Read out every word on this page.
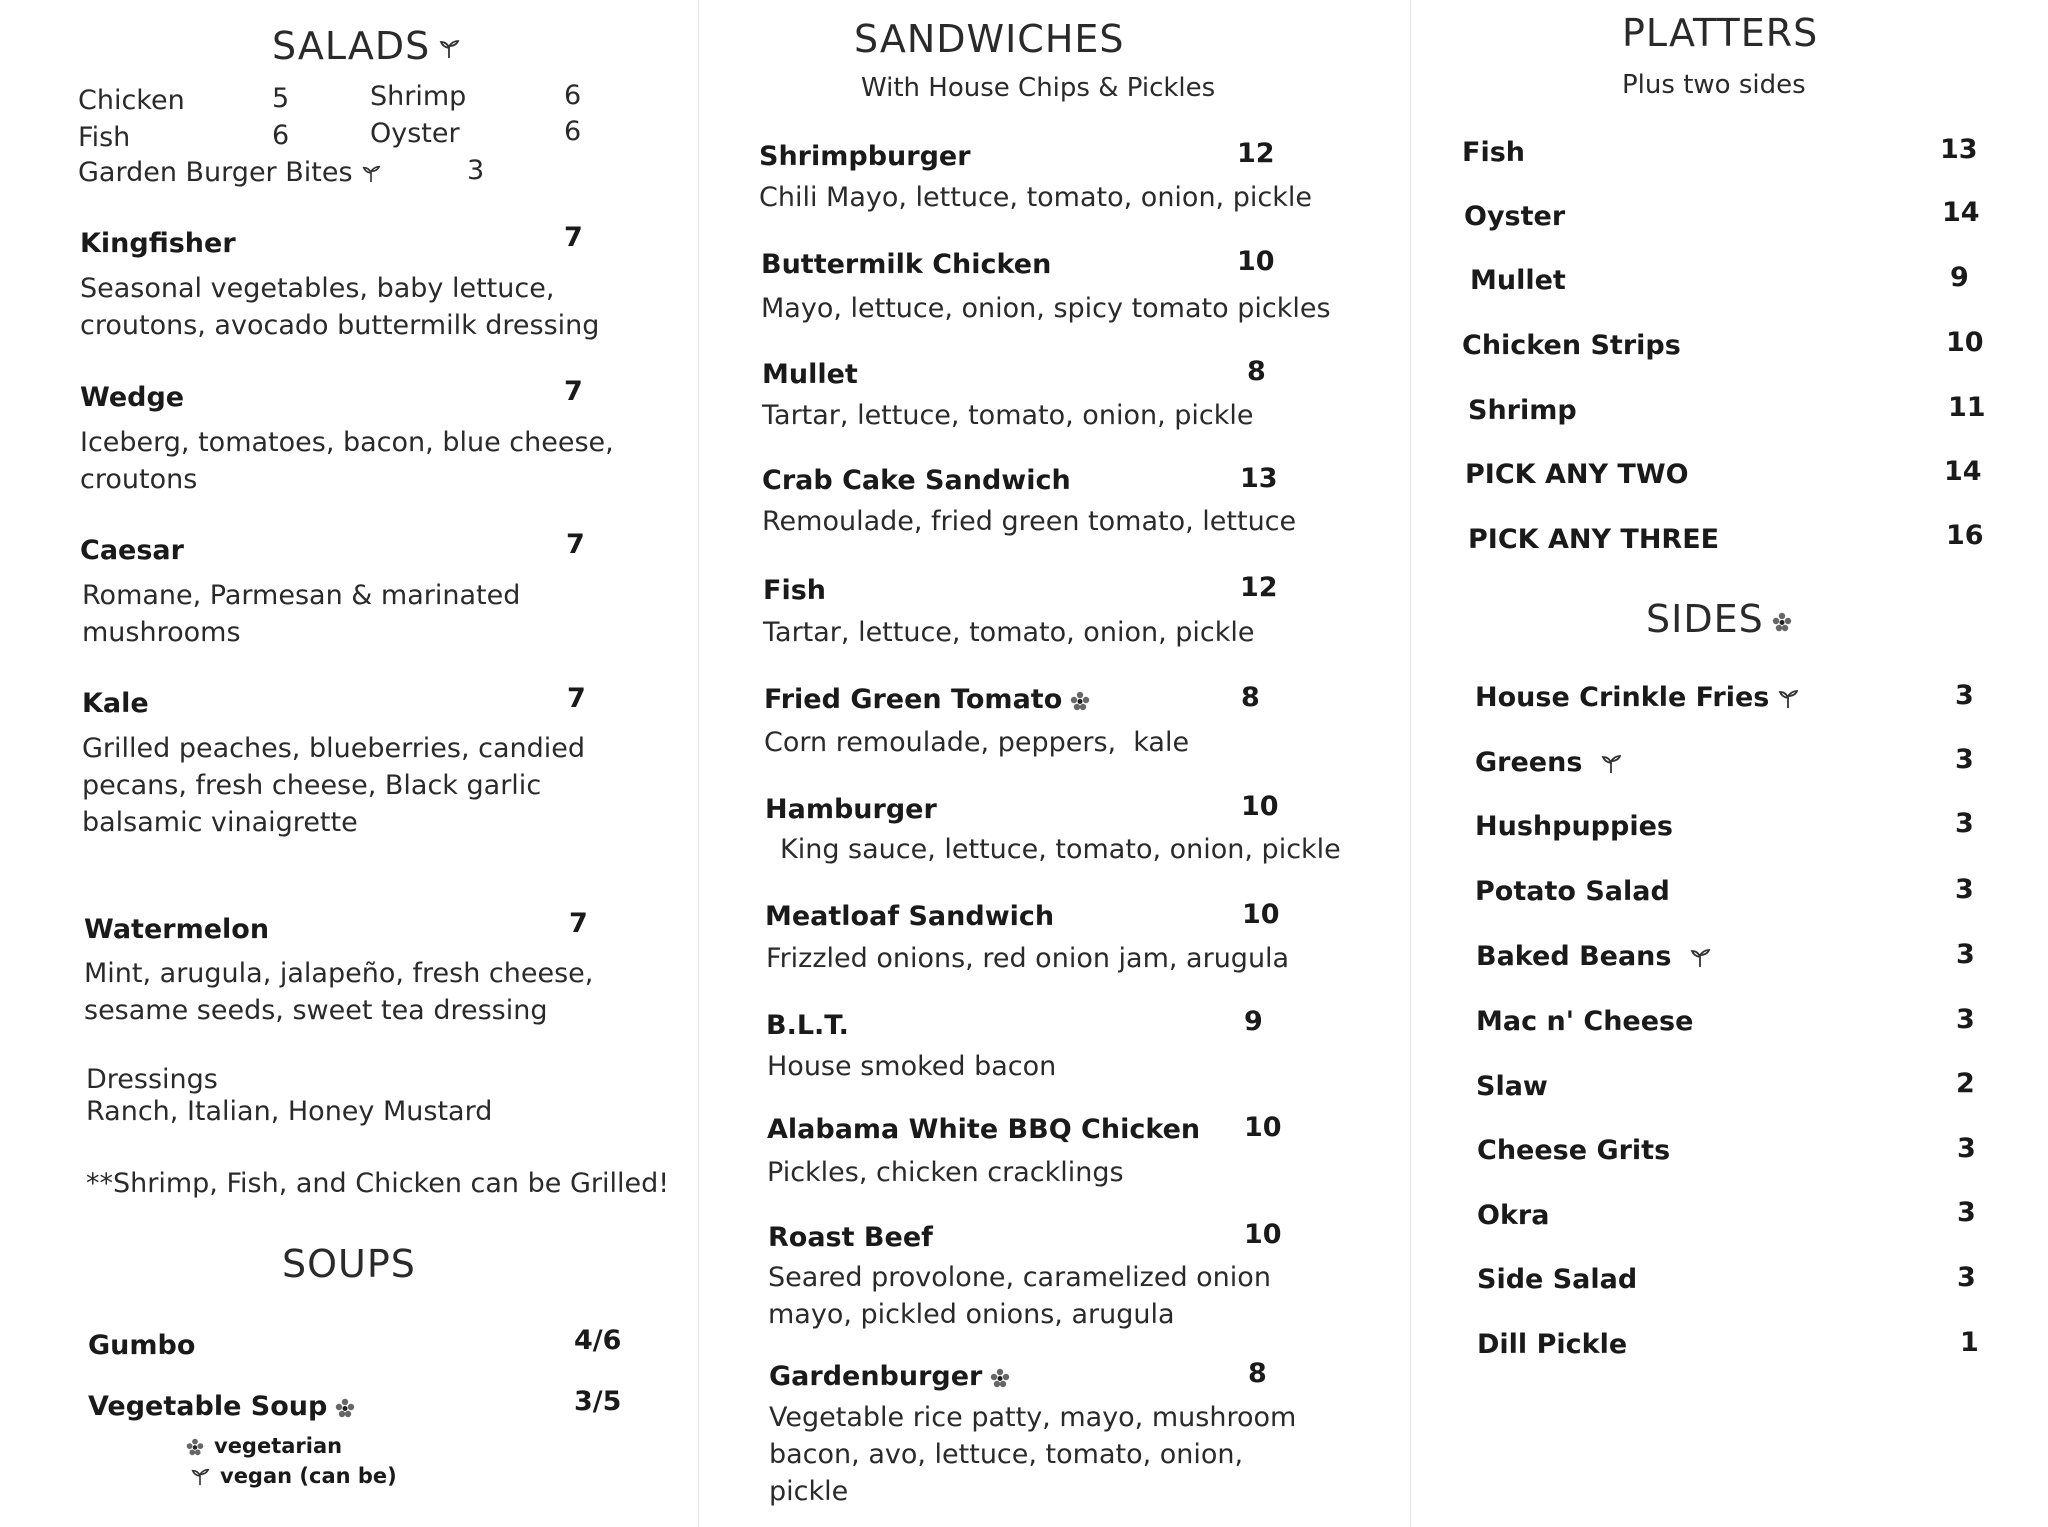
SALADS
Chicken	5	Shrimp	6
Fish	6	Oyster	6
Garden Burger Bites	3
Kingfisher	7
Seasonal vegetables, baby lettuce, croutons, avocado buttermilk dressing
Wedge	7
Iceberg, tomatoes, bacon, blue cheese, croutons
Caesar	7
Romane, Parmesan & marinated mushrooms
Kale	7
Grilled peaches, blueberries, candied pecans, fresh cheese, Black garlic balsamic vinaigrette
Watermelon	7
Mint, arugula, jalapeño, fresh cheese, sesame seeds, sweet tea dressing
Dressings
Ranch, Italian, Honey Mustard
**Shrimp, Fish, and Chicken can be Grilled!
SOUPS
Gumbo	4/6
Vegetable Soup	3/5
vegetarian
vegan (can be)
SANDWICHES
With House Chips & Pickles
Shrimpburger	12
Chili Mayo, lettuce, tomato, onion, pickle
Buttermilk Chicken	10
Mayo, lettuce, onion, spicy tomato pickles
Mullet	8
Tartar, lettuce, tomato, onion, pickle
Crab Cake Sandwich	13
Remoulade, fried green tomato, lettuce
Fish	12
Tartar, lettuce, tomato, onion, pickle
Fried Green Tomato	8
Corn remoulade, peppers,  kale
Hamburger	10
King sauce, lettuce, tomato, onion, pickle
Meatloaf Sandwich	10
Frizzled onions, red onion jam, arugula
B.L.T.	9
House smoked bacon
Alabama White BBQ Chicken 10
Pickles, chicken cracklings
Roast Beef	10
Seared provolone, caramelized onion mayo, pickled onions, arugula
Gardenburger	8
Vegetable rice patty, mayo, mushroom bacon, avo, lettuce, tomato, onion, pickle
PLATTERS
Plus two sides
Fish	13
Oyster	14
Mullet	9
Chicken Strips	10
Shrimp	11
PICK ANY TWO	14
PICK ANY THREE	16
SIDES
House Crinkle Fries	3
Greens	3
Hushpuppies	3
Potato Salad	3
Baked Beans	3
Mac n' Cheese	3
Slaw	2
Cheese Grits	3
Okra	3
Side Salad	3
Dill Pickle	1
